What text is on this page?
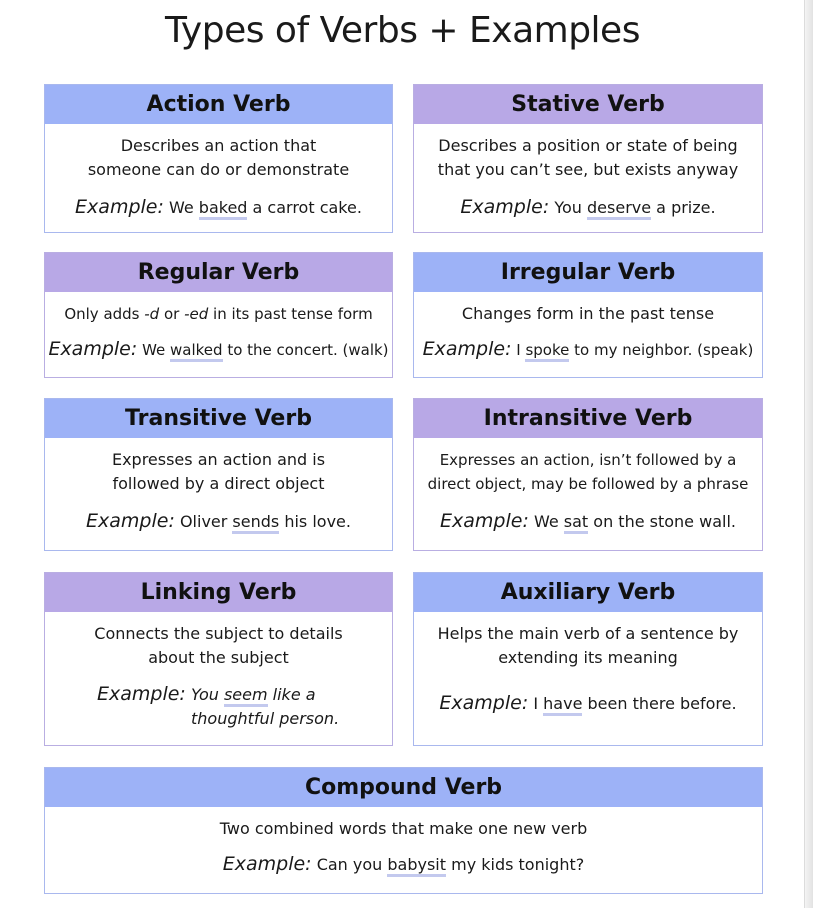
Types of Verbs + Examples
Action Verb
Describes an action that
someone can do or demonstrate
Example: We baked a carrot cake.
Stative Verb
Describes a position or state of being
that you can’t see, but exists anyway
Example: You deserve a prize.
Regular Verb
Only adds -d or -ed in its past tense form
Example: We walked to the concert. (walk)
Irregular Verb
Changes form in the past tense
Example: I spoke to my neighbor. (speak)
Transitive Verb
Expresses an action and is
followed by a direct object
Example: Oliver sends his love.
Intransitive Verb
Expresses an action, isn’t followed by a
direct object, may be followed by a phrase
Example: We sat on the stone wall.
Linking Verb
Connects the subject to details
about the subject
Example: You seem like a
thoughtful person.
Auxiliary Verb
Helps the main verb of a sentence by
extending its meaning
Example: I have been there before.
Compound Verb
Two combined words that make one new verb
Example: Can you babysit my kids tonight?
